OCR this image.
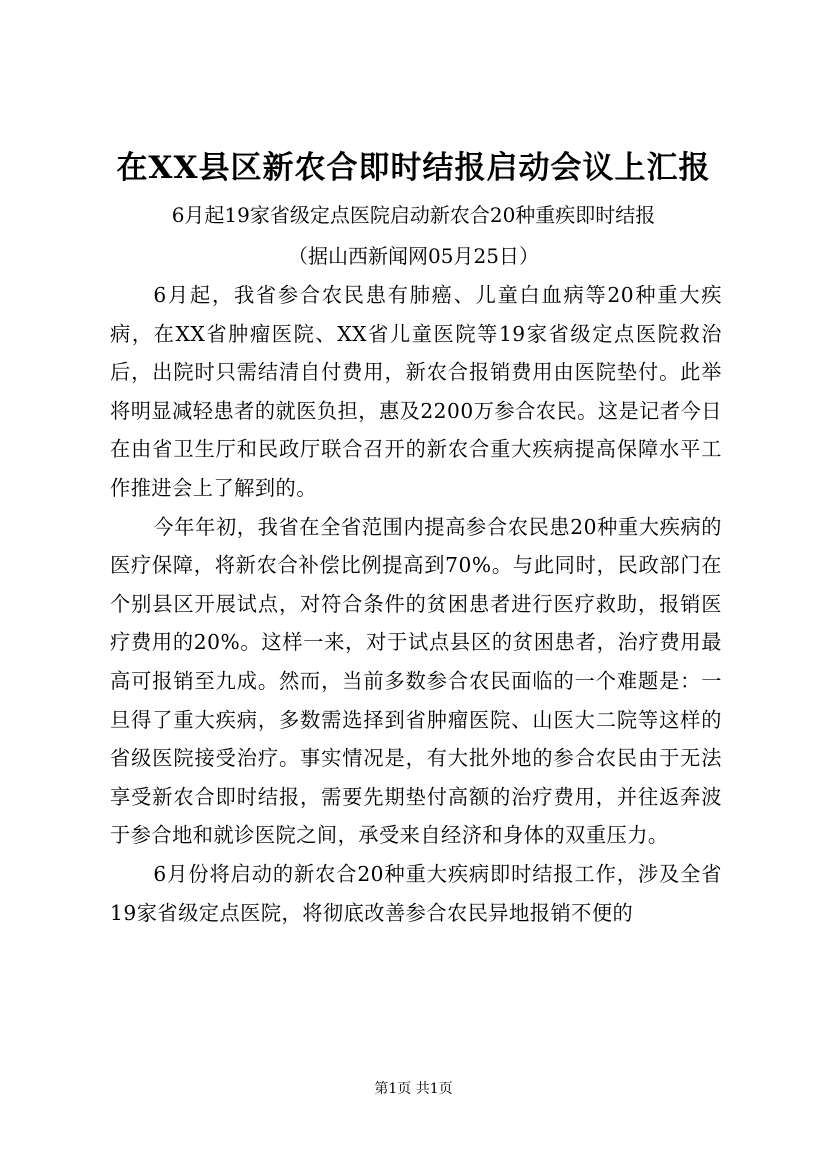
在XX县区新农合即时结报启动会议上汇报
6月起19家省级定点医院启动新农合20种重疾即时结报
（据山西新闻网05月25日）

6月起，我省参合农民患有肺癌、儿童白血病等20种重大疾病，在XX省肿瘤医院、XX省儿童医院等19家省级定点医院救治后，出院时只需结清自付费用，新农合报销费用由医院垫付。此举将明显减轻患者的就医负担，惠及2200万参合农民。这是记者今日在由省卫生厅和民政厅联合召开的新农合重大疾病提高保障水平工作推进会上了解到的。

今年年初，我省在全省范围内提高参合农民患20种重大疾病的医疗保障，将新农合补偿比例提高到70%。与此同时，民政部门在个别县区开展试点，对符合条件的贫困患者进行医疗救助，报销医疗费用的20%。这样一来，对于试点县区的贫困患者，治疗费用最高可报销至九成。然而，当前多数参合农民面临的一个难题是：一旦得了重大疾病，多数需选择到省肿瘤医院、山医大二院等这样的省级医院接受治疗。事实情况是，有大批外地的参合农民由于无法享受新农合即时结报，需要先期垫付高额的治疗费用，并往返奔波于参合地和就诊医院之间，承受来自经济和身体的双重压力。

6月份将启动的新农合20种重大疾病即时结报工作，涉及全省19家省级定点医院，将彻底改善参合农民异地报销不便的

第1页 共1页
